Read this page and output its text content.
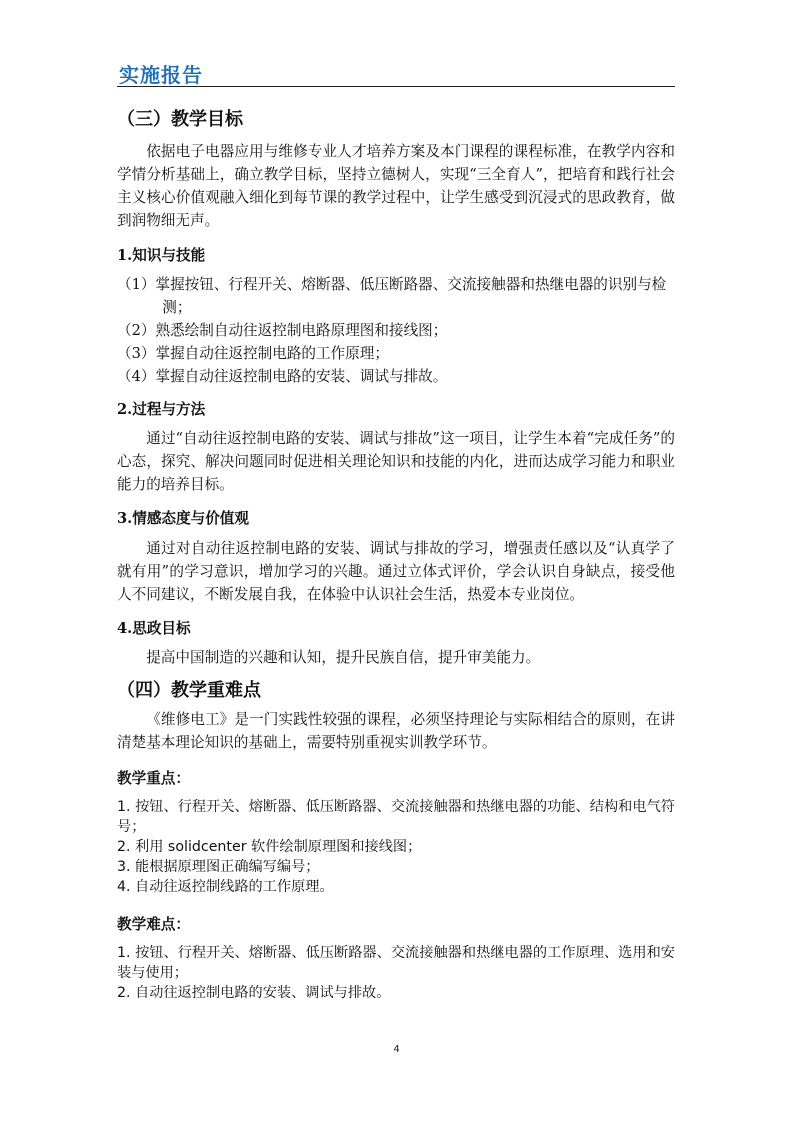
实施报告
（三）教学目标

依据电子电器应用与维修专业人才培养方案及本门课程的课程标准，在教学内容和学情分析基础上，确立教学目标，坚持立德树人，实现“三全育人”，把培育和践行社会主义核心价值观融入细化到每节课的教学过程中，让学生感受到沉浸式的思政教育，做到润物细无声。

1.知识与技能

（1）掌握按钮、行程开关、熔断器、低压断路器、交流接触器和热继电器的识别与检测；

（2）熟悉绘制自动往返控制电路原理图和接线图；

（3）掌握自动往返控制电路的工作原理；

（4）掌握自动往返控制电路的安装、调试与排故。

2.过程与方法

通过“自动往返控制电路的安装、调试与排故”这一项目，让学生本着“完成任务”的心态，探究、解决问题同时促进相关理论知识和技能的内化，进而达成学习能力和职业能力的培养目标。

3.情感态度与价值观

通过对自动往返控制电路的安装、调试与排故的学习，增强责任感以及“认真学了就有用”的学习意识，增加学习的兴趣。通过立体式评价，学会认识自身缺点，接受他人不同建议，不断发展自我，在体验中认识社会生活，热爱本专业岗位。

4.思政目标

提高中国制造的兴趣和认知，提升民族自信，提升审美能力。

（四）教学重难点

《维修电工》是一门实践性较强的课程，必须坚持理论与实际相结合的原则，在讲清楚基本理论知识的基础上，需要特别重视实训教学环节。

教学重点：

1. 按钮、行程开关、熔断器、低压断路器、交流接触器和热继电器的功能、结构和电气符号；

2. 利用 solidcenter 软件绘制原理图和接线图；

3. 能根据原理图正确编写编号；

4. 自动往返控制线路的工作原理。

教学难点：

1. 按钮、行程开关、熔断器、低压断路器、交流接触器和热继电器的工作原理、选用和安装与使用；

2. 自动往返控制电路的安装、调试与排故。

4
